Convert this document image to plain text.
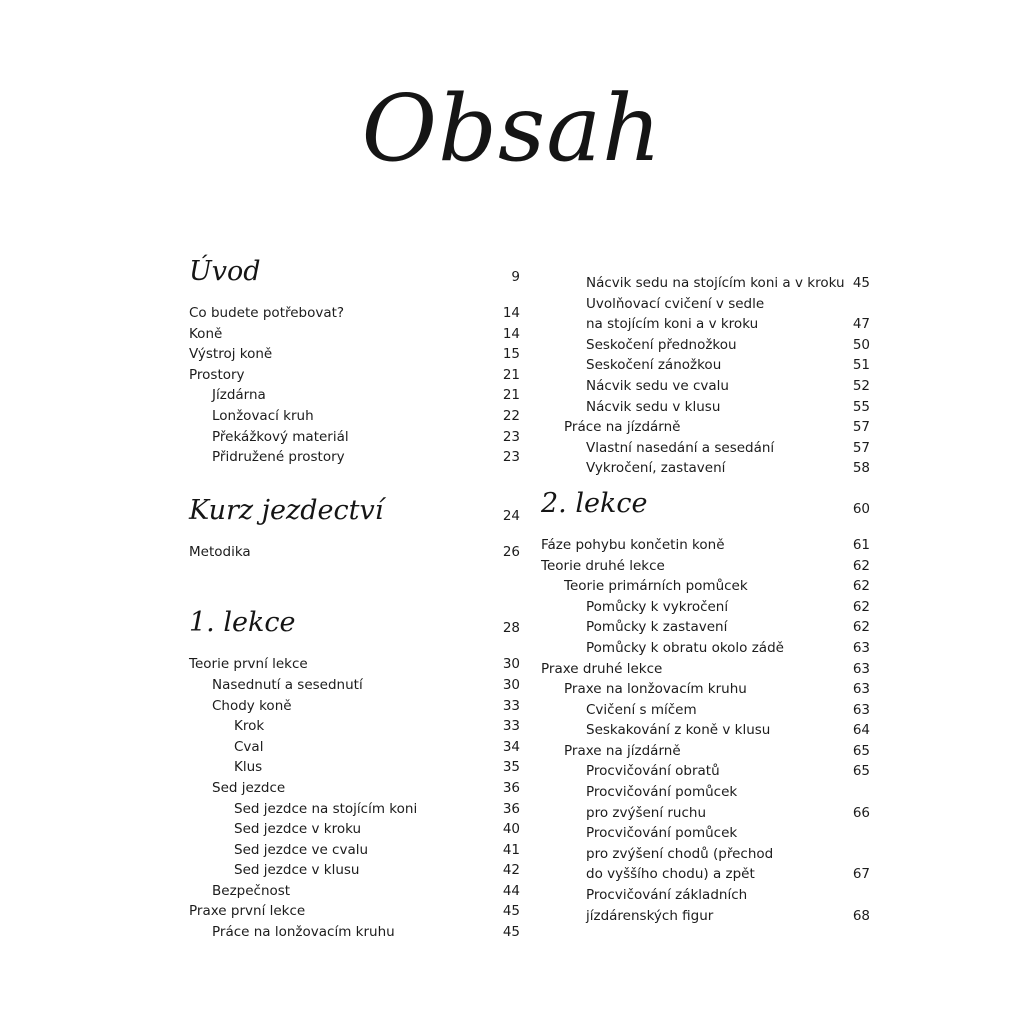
Obsah
Úvod	9
Co budete potřebovat?	14
Koně	14
Výstroj koně	15
Prostory	21
Jízdárna	21
Lonžovací kruh	22
Překážkový materiál	23
Přidružené prostory	23
Kurz jezdectví	24
Metodika	26
1. lekce	28
Teorie první lekce	30
Nasednutí a sesednutí	30
Chody koně	33
Krok	33
Cval	34
Klus	35
Sed jezdce	36
Sed jezdce na stojícím koni	36
Sed jezdce v kroku	40
Sed jezdce ve cvalu	41
Sed jezdce v klusu	42
Bezpečnost	44
Praxe první lekce	45
Práce na lonžovacím kruhu	45
Nácvik sedu na stojícím koni a v kroku 45
Uvolňovací cvičení v sedle
na stojícím koni a v kroku	47
Seskočení přednožkou	50
Seskočení zánožkou	51
Nácvik sedu ve cvalu	52
Nácvik sedu v klusu	55
Práce na jízdárně	57
Vlastní nasedání a sesedání	57
Vykročení, zastavení	58
2. lekce	60
Fáze pohybu končetin koně	61
Teorie druhé lekce	62
Teorie primárních pomůcek	62
Pomůcky k vykročení	62
Pomůcky k zastavení	62
Pomůcky k obratu okolo zádě	63
Praxe druhé lekce	63
Praxe na lonžovacím kruhu	63
Cvičení s míčem	63
Seskakování z koně v klusu	64
Praxe na jízdárně	65
Procvičování obratů	65
Procvičování pomůcek
pro zvýšení ruchu	66
Procvičování pomůcek
pro zvýšení chodů (přechod
do vyššího chodu) a zpět	67
Procvičování základních
jízdárenských figur	68
